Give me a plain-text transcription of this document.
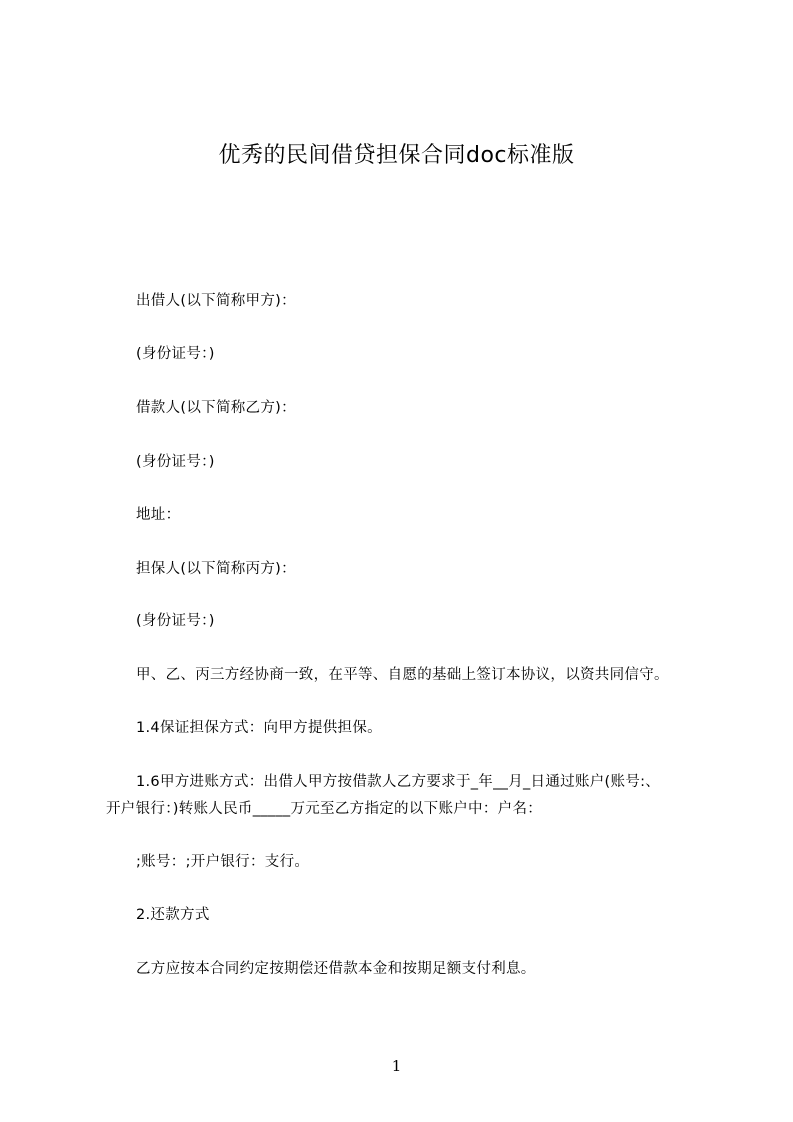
优秀的民间借贷担保合同doc标准版
出借人(以下简称甲方)：
(身份证号：)
借款人(以下简称乙方)：
(身份证号：)
地址：
担保人(以下简称丙方)：
(身份证号：)
甲、乙、丙三方经协商一致，在平等、自愿的基础上签订本协议，以资共同信守。
1.4保证担保方式：向甲方提供担保。
1.6甲方进账方式：出借人甲方按借款人乙方要求于_年__月_日通过账户(账号:、
开户银行：)转账人民币_____万元至乙方指定的以下账户中：户名：
;账号：;开户银行：支行。
2.还款方式
乙方应按本合同约定按期偿还借款本金和按期足额支付利息。
1
